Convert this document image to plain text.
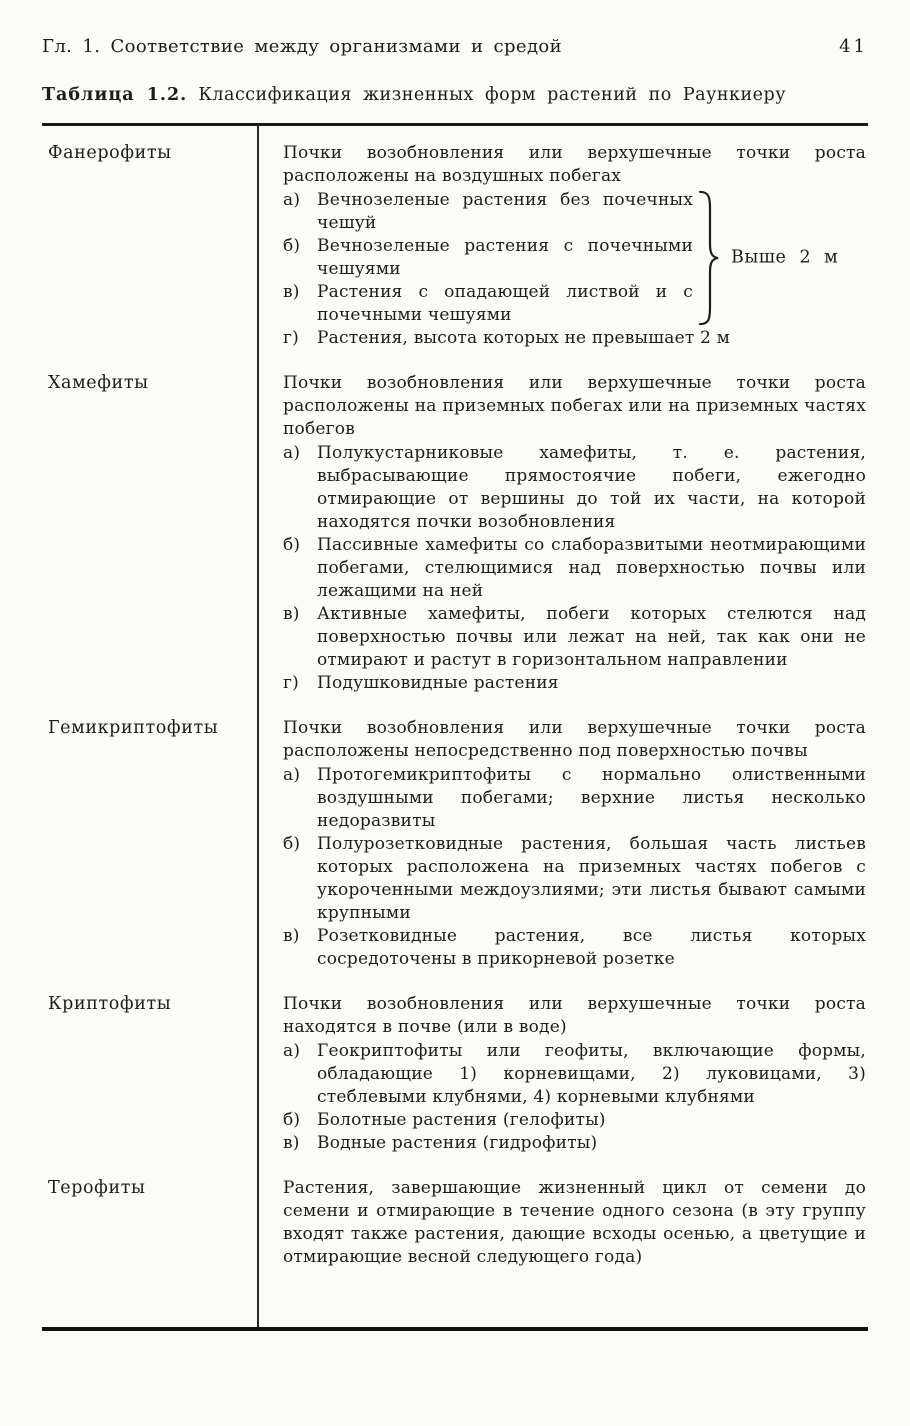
Гл. 1. Соответствие между организмами и средой	41
Таблица 1.2. Классификация жизненных форм растений по Раункиеру
Фанерофиты	Почки возобновления или верхушечные точки роста расположены на воздушных побегах

а) Вечнозеленые растения без почечных чешуй
б) Вечнозеленые растения с почечными чешуями
в)	Растения с опадающей листвой и с почечными чешуями
Выше 2 м
г)	Растения, высота которых не превышает 2 м
Хамефиты	Почки возобновления или верхушечные точки роста расположены на приземных побегах или на приземных частях побегов

а) Полукустарниковые хамефиты, т. е. растения, выбрасывающие прямостоячие побеги, ежегодно отмирающие от вершины до той их части, на которой находятся почки возобновления
б) Пассивные хамефиты со слаборазвитыми неотмирающими побегами, стелющимися над поверхностью почвы или лежащими на ней
в)	Активные хамефиты, побеги которых стелются над поверхностью почвы или лежат на ней, так как они не отмирают и растут в горизонтальном направлении
г)	Подушковидные растения
Гемикриптофиты	Почки возобновления или верхушечные точки роста расположены непосредственно под поверхностью почвы

а) Протогемикриптофиты с нормально олиственными воздушными побегами; верхние листья несколько недоразвиты
б) Полурозетковидные растения, большая часть листьев которых расположена на приземных частях побегов с укороченными междоузлиями; эти листья бывают самыми крупными
в)	Розетковидные растения, все листья которых сосредоточены в прикорневой розетке
Криптофиты	Почки возобновления или верхушечные точки роста находятся в почве (или в воде)

а) Геокриптофиты или геофиты, включающие формы, обладающие 1) корневищами, 2) луковицами, 3) стеблевыми клубнями, 4) корневыми клубнями
б) Болотные растения (гелофиты)
в)	Водные растения (гидрофиты)
Терофиты	Растения, завершающие жизненный цикл от семени до семени и отмирающие в течение одного сезона (в эту группу входят также растения, дающие всходы осенью, а цветущие и отмирающие весной следующего года)
